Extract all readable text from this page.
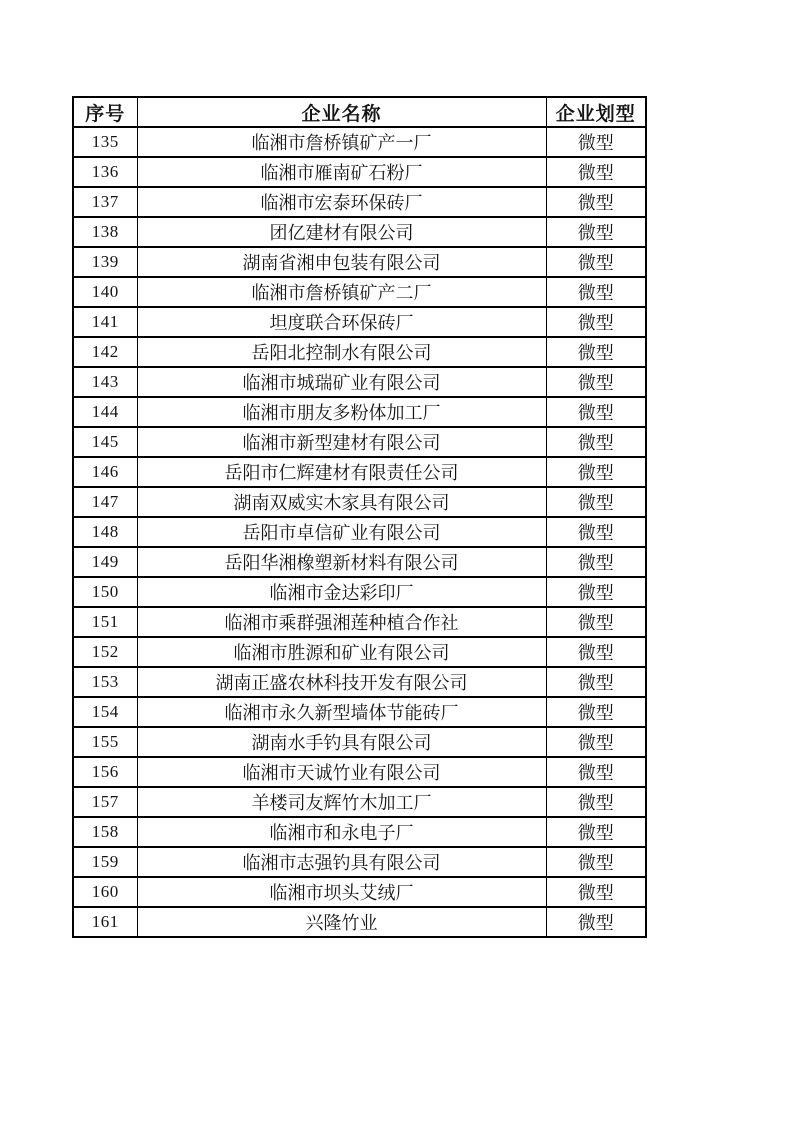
序号	企业名称	企业划型
135	临湘市詹桥镇矿产一厂	微型
136	临湘市雁南矿石粉厂	微型
137	临湘市宏泰环保砖厂	微型
138	团亿建材有限公司	微型
139	湖南省湘申包装有限公司	微型
140	临湘市詹桥镇矿产二厂	微型
141	坦度联合环保砖厂	微型
142	岳阳北控制水有限公司	微型
143	临湘市城瑞矿业有限公司	微型
144	临湘市朋友多粉体加工厂	微型
145	临湘市新型建材有限公司	微型
146	岳阳市仁辉建材有限责任公司	微型
147	湖南双威实木家具有限公司	微型
148	岳阳市卓信矿业有限公司	微型
149	岳阳华湘橡塑新材料有限公司	微型
150	临湘市金达彩印厂	微型
151	临湘市乘群强湘莲种植合作社	微型
152	临湘市胜源和矿业有限公司	微型
153	湖南正盛农林科技开发有限公司	微型
154	临湘市永久新型墙体节能砖厂	微型
155	湖南水手钓具有限公司	微型
156	临湘市天诚竹业有限公司	微型
157	羊楼司友辉竹木加工厂	微型
158	临湘市和永电子厂	微型
159	临湘市志强钓具有限公司	微型
160	临湘市坝头艾绒厂	微型
161	兴隆竹业	微型
